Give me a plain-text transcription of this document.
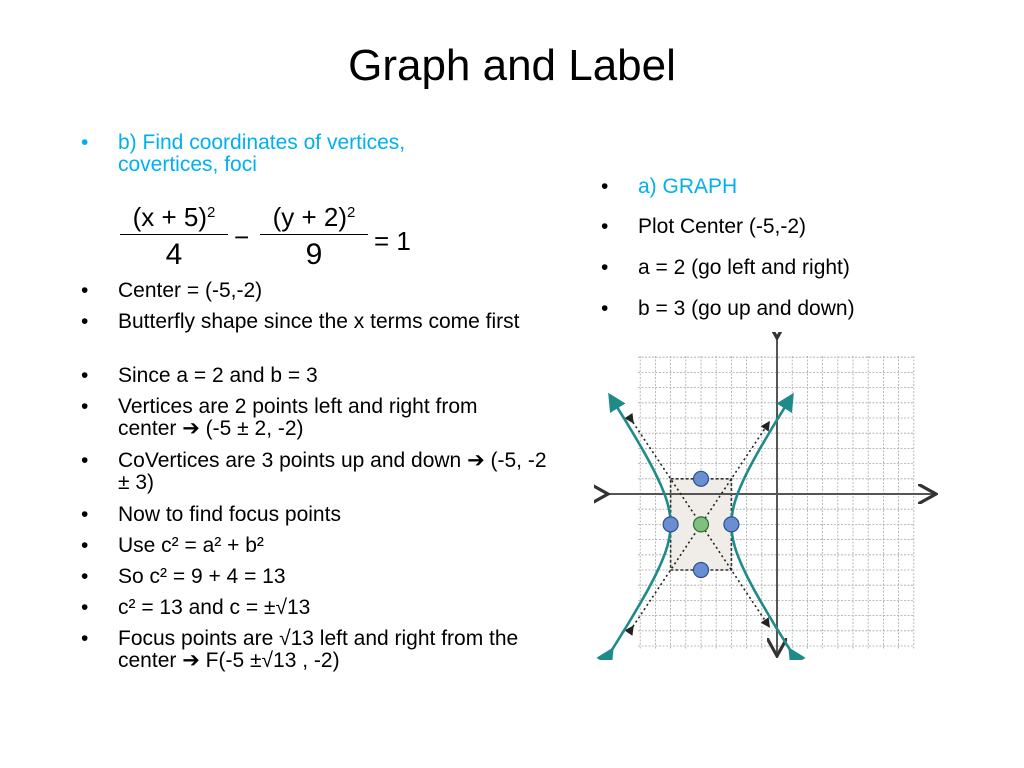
Graph and Label
• b) Find coordinates of vertices, covertices, foci
$(x + 5)^2$
4
−
$(y + 2)^2$
9	= 1
• Center = (-5,-2)
• Butterfly shape since the x terms come first
• Since a = 2 and b = 3
• Vertices are 2 points left and right from center ➔ (-5 ± 2, -2)
• CoVertices are 3 points up and down ➔ (-5, -2 ± 3)
• Now to find focus points
• Use c² = a² + b²
• So c² = 9 + 4 = 13
• c² = 13 and c = ±√13
• Focus points are √13 left and right from the center ➔ F(-5 ±√13 , -2)
• a) GRAPH
• Plot Center (-5,-2)
• a = 2 (go left and right)
• b = 3 (go up and down)
